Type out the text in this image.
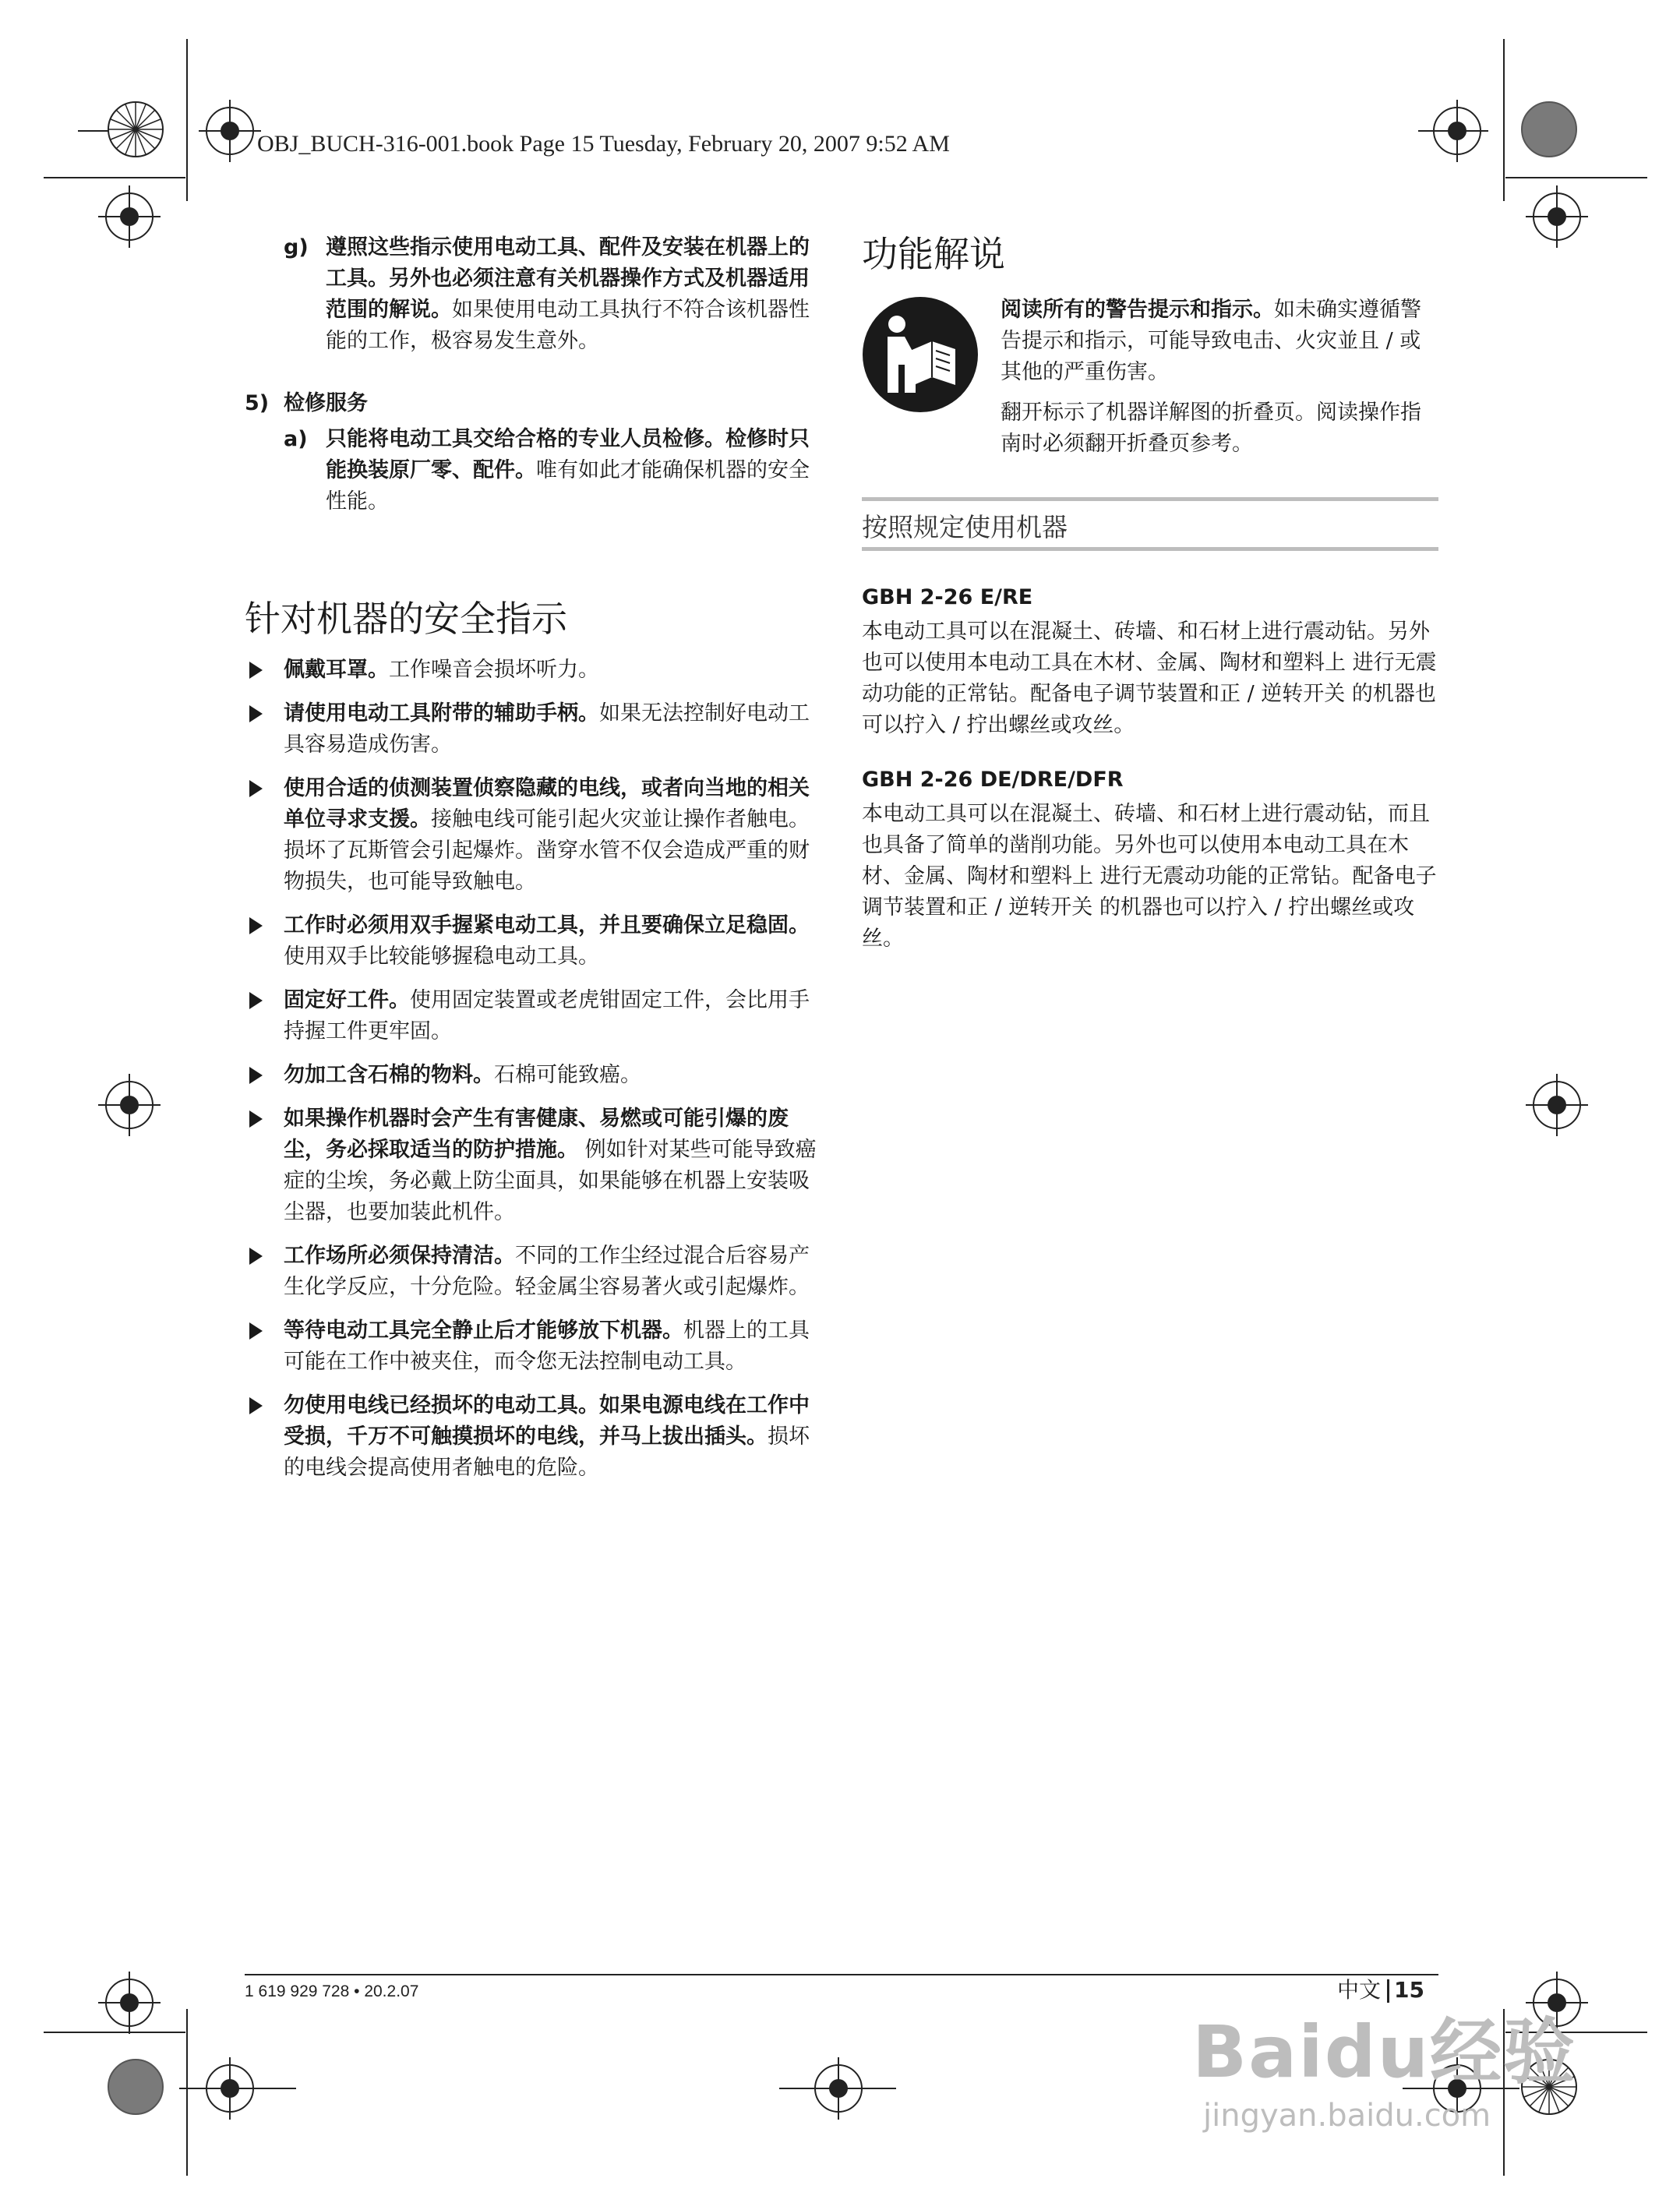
OBJ_BUCH-316-001.book Page 15 Tuesday, February 20, 2007 9:52 AM
g) 遵照这些指示使用电动工具、配件及安装在机器上的工具。另外也必须注意有关机器操作方式及机器适用范围的解说。如果使用电动工具执行不符合该机器性能的工作，极容易发生意外。
5) 检修服务
a) 只能将电动工具交给合格的专业人员检修。检修时只能换装原厂零、配件。唯有如此才能确保机器的安全性能。
针对机器的安全指示
佩戴耳罩。工作噪音会损坏听力。
请使用电动工具附带的辅助手柄。如果无法控制好电动工具容易造成伤害。
使用合适的侦测装置侦察隐藏的电线，或者向当地的相关单位寻求支援。接触电线可能引起火灾並让操作者触电。损坏了瓦斯管会引起爆炸。凿穿水管不仅会造成严重的财物损失，也可能导致触电。
工作时必须用双手握紧电动工具，并且要确保立足稳固。使用双手比较能够握稳电动工具。
固定好工件。使用固定装置或老虎钳固定工件，会比用手持握工件更牢固。
勿加工含石棉的物料。石棉可能致癌。
如果操作机器时会产生有害健康、易燃或可能引爆的废尘，务必採取适当的防护措施。 例如针对某些可能导致癌症的尘埃，务必戴上防尘面具，如果能够在机器上安装吸尘器，也要加装此机件。
工作场所必须保持清洁。不同的工作尘经过混合后容易产生化学反应，十分危险。轻金属尘容易著火或引起爆炸。
等待电动工具完全静止后才能够放下机器。机器上的工具可能在工作中被夹住，而令您无法控制电动工具。
勿使用电线已经损坏的电动工具。如果电源电线在工作中受损，千万不可触摸损坏的电线，并马上拔出插头。损坏的电线会提高使用者触电的危险。
功能解说
阅读所有的警告提示和指示。如未确实遵循警告提示和指示，可能导致电击、火灾並且 / 或其他的严重伤害。
翻开标示了机器详解图的折叠页。阅读操作指南时必须翻开折叠页参考。
按照规定使用机器
GBH 2-26 E/RE
本电动工具可以在混凝土、砖墙、和石材上进行震动钻。另外也可以使用本电动工具在木材、金属、陶材和塑料上 进行无震动功能的正常钻。配备电子调节装置和正 / 逆转开关 的机器也可以拧入 / 拧出螺丝或攻丝。
GBH 2-26 DE/DRE/DFR
本电动工具可以在混凝土、砖墙、和石材上进行震动钻，而且也具备了简单的凿削功能。另外也可以使用本电动工具在木材、金属、陶材和塑料上 进行无震动功能的正常钻。配备电子调节装置和正 / 逆转开关 的机器也可以拧入 / 拧出螺丝或攻丝。
1 619 929 728 • 20.2.07	中文 15
Baidu经验
jingyan.baidu.com
